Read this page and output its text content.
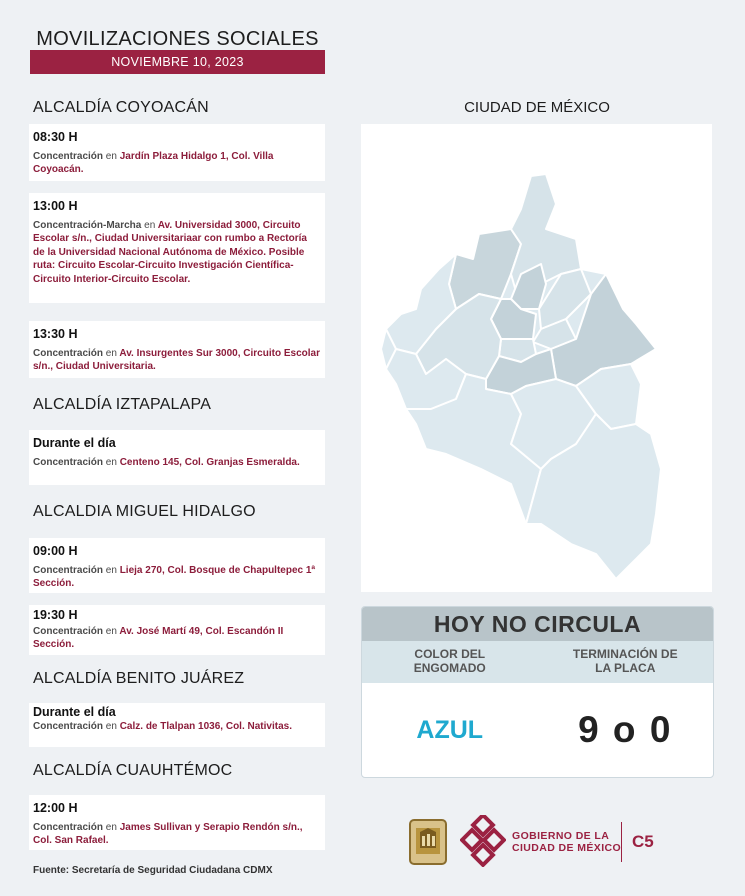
MOVILIZACIONES SOCIALES
NOVIEMBRE 10, 2023
ALCALDÍA COYOACÁN
08:30 H
Concentración en Jardín Plaza Hidalgo 1, Col. Villa Coyoacán.
13:00 H
Concentración-Marcha en Av. Universidad 3000, Circuito Escolar s/n., Ciudad Universitariaar con rumbo a Rectoría de la Universidad Nacional Autónoma de México. Posible ruta: Circuito Escolar-Circuito Investigación Científica-Circuito Interior-Circuito Escolar.
13:30 H
Concentración en Av. Insurgentes Sur 3000, Circuito Escolar s/n., Ciudad Universitaria.
ALCALDÍA IZTAPALAPA
Durante el día
Concentración en Centeno 145, Col. Granjas Esmeralda.
ALCALDIA MIGUEL HIDALGO
09:00 H
Concentración en Lieja 270, Col. Bosque de Chapultepec 1ª Sección.
19:30 H
Concentración en Av. José Martí 49, Col. Escandón II Sección.
ALCALDÍA BENITO JUÁREZ
Durante el día
Concentración en Calz. de Tlalpan 1036, Col. Nativitas.
ALCALDÍA CUAUHTÉMOC
12:00 H
Concentración en James Sullivan y Serapio Rendón s/n., Col. San Rafael.
CIUDAD DE MÉXICO
HOY NO CIRCULA
COLOR DEL
ENGOMADO
TERMINACIÓN DE
LA PLACA
AZUL	9 o 0
Fuente: Secretaría de Seguridad Ciudadana CDMX
GOBIERNO DE LA
CIUDAD DE MÉXICO C5
